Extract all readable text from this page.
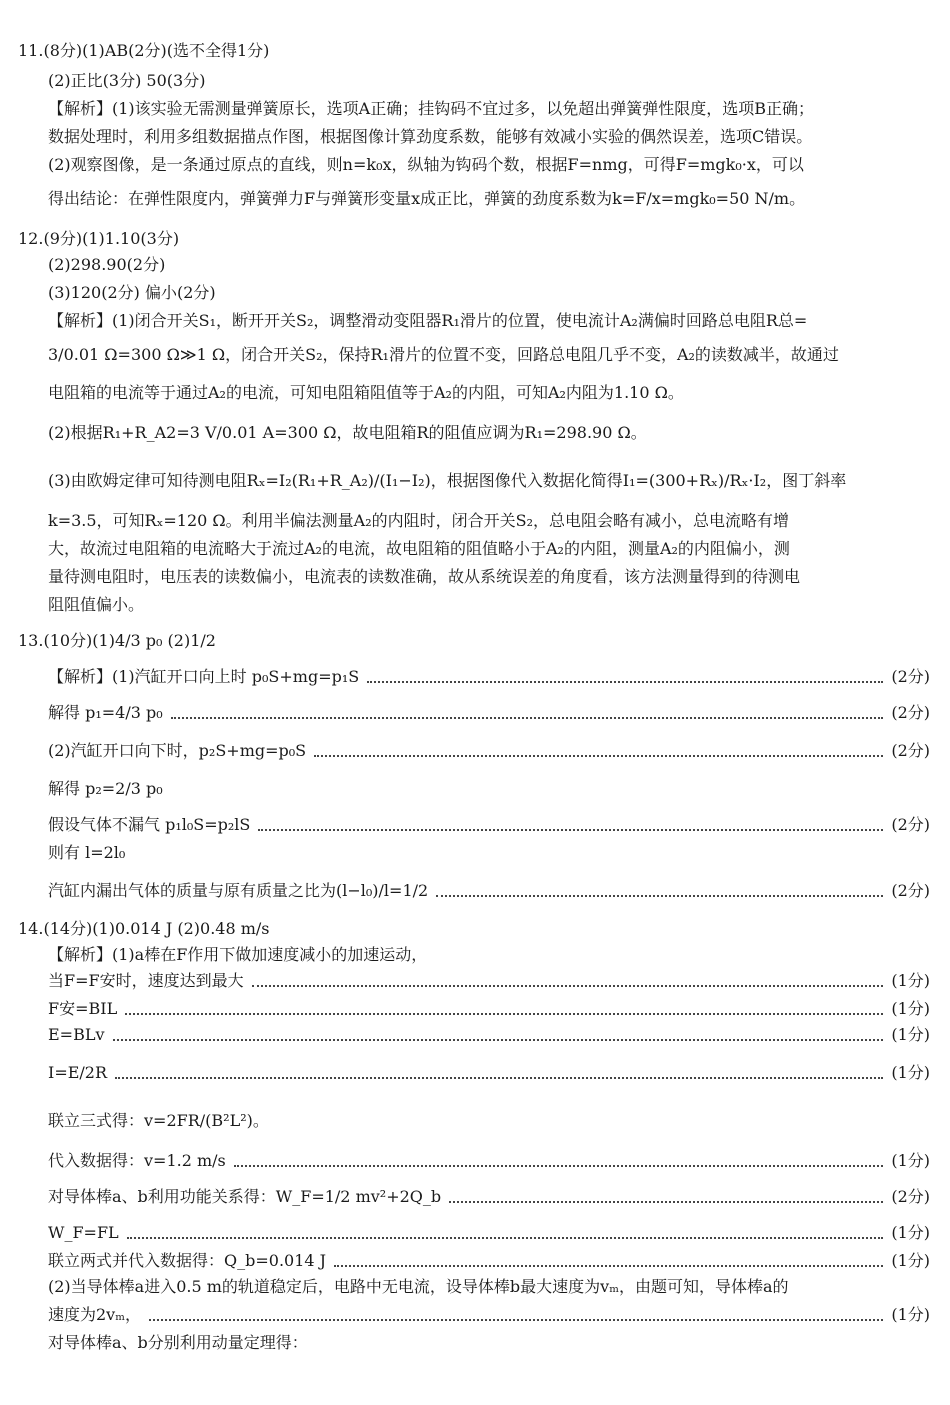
11.(8分)(1)AB(2分)(选不全得1分)
(2)正比(3分) 50(3分)
【解析】(1)该实验无需测量弹簧原长，选项A正确；挂钩码不宜过多，以免超出弹簧弹性限度，选项B正确；
数据处理时，利用多组数据描点作图，根据图像计算劲度系数，能够有效减小实验的偶然误差，选项C错误。
(2)观察图像，是一条通过原点的直线，则n=k₀x，纵轴为钩码个数，根据F=nmg，可得F=mgk₀·x，可以
得出结论：在弹性限度内，弹簧弹力F与弹簧形变量x成正比，弹簧的劲度系数为k=F/x=mgk₀=50 N/m。
12.(9分)(1)1.10(3分)
(2)298.90(2分)
(3)120(2分) 偏小(2分)
【解析】(1)闭合开关S₁，断开开关S₂，调整滑动变阻器R₁滑片的位置，使电流计A₂满偏时回路总电阻R总=
3/0.01 Ω=300 Ω≫1 Ω，闭合开关S₂，保持R₁滑片的位置不变，回路总电阻几乎不变，A₂的读数减半，故通过
电阻箱的电流等于通过A₂的电流，可知电阻箱阻值等于A₂的内阻，可知A₂内阻为1.10 Ω。
(2)根据R₁+R_A2=3 V/0.01 A=300 Ω，故电阻箱R的阻值应调为R₁=298.90 Ω。
(3)由欧姆定律可知待测电阻Rₓ=I₂(R₁+R_A₂)/(I₁−I₂)，根据图像代入数据化简得I₁=(300+Rₓ)/Rₓ·I₂，图丁斜率
k=3.5，可知Rₓ=120 Ω。利用半偏法测量A₂的内阻时，闭合开关S₂，总电阻会略有减小，总电流略有增
大，故流过电阻箱的电流略大于流过A₂的电流，故电阻箱的阻值略小于A₂的内阻，测量A₂的内阻偏小，测
量待测电阻时，电压表的读数偏小，电流表的读数准确，故从系统误差的角度看，该方法测量得到的待测电
阻阻值偏小。
13.(10分)(1)4/3 p₀ (2)1/2
【解析】(1)汽缸开口向上时 p₀S+mg=p₁S	(2分)
解得 p₁=4/3 p₀	(2分)
(2)汽缸开口向下时，p₂S+mg=p₀S	(2分)
解得 p₂=2/3 p₀
假设气体不漏气 p₁l₀S=p₂lS	(2分)
则有 l=2l₀
汽缸内漏出气体的质量与原有质量之比为(l−l₀)/l=1/2	(2分)
14.(14分)(1)0.014 J (2)0.48 m/s
【解析】(1)a棒在F作用下做加速度减小的加速运动，
当F=F安时，速度达到最大	(1分)
F安=BIL	(1分)
E=BLv	(1分)
I=E/2R	(1分)
联立三式得：v=2FR/(B²L²)。
代入数据得：v=1.2 m/s	(1分)
对导体棒a、b利用功能关系得：W_F=1/2 mv²+2Q_b	(2分)
W_F=FL	(1分)
联立两式并代入数据得：Q_b=0.014 J	(1分)
(2)当导体棒a进入0.5 m的轨道稳定后，电路中无电流，设导体棒b最大速度为vₘ，由题可知，导体棒a的
速度为2vₘ，	(1分)
对导体棒a、b分别利用动量定理得：
